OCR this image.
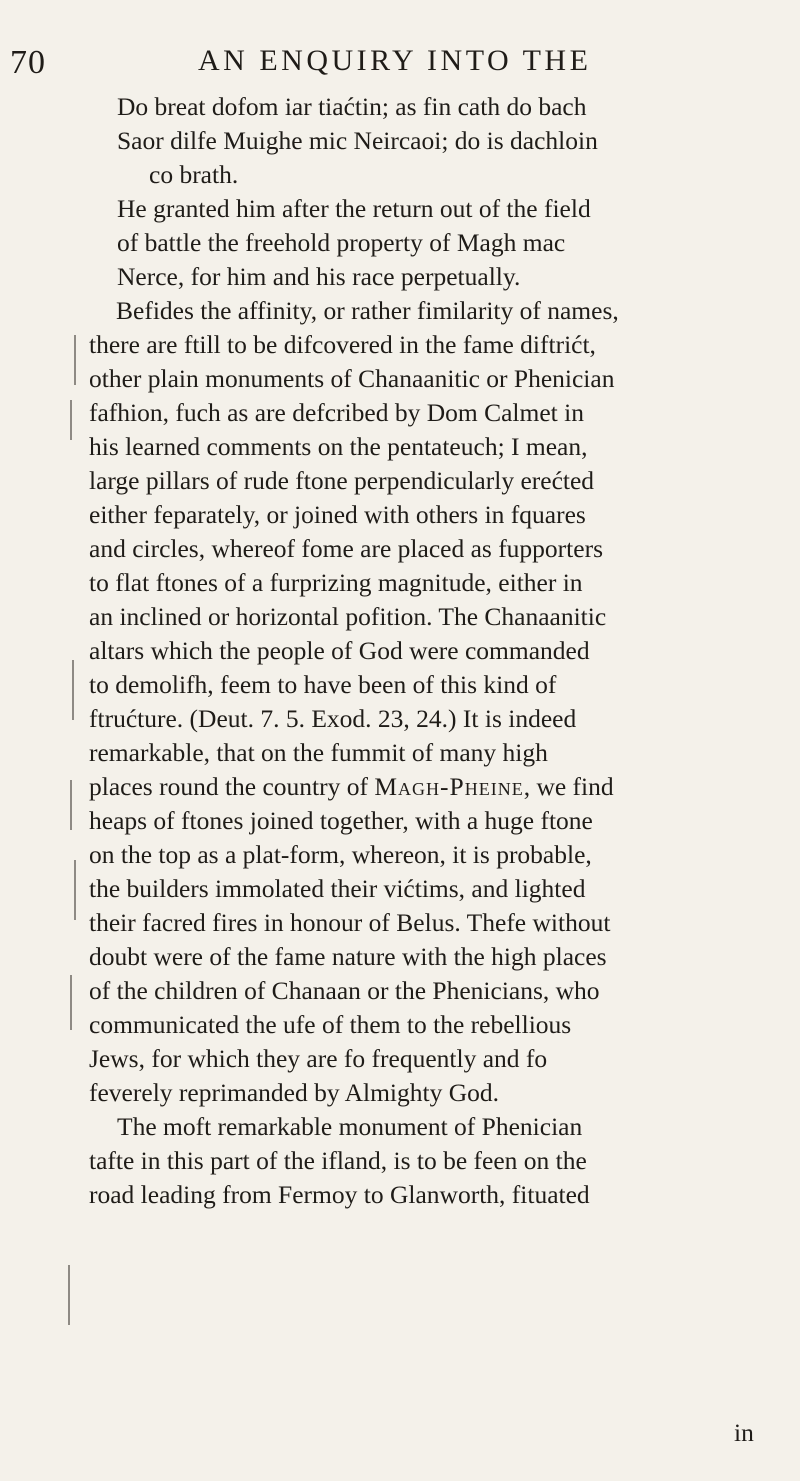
70	AN ENQUIRY INTO THE
Do breat dofom iar tiaćtin; as fin cath do bach
Saor dilfe Muighe mic Neircaoi; do is dachloin
co brath.
He granted him after the return out of the field
of battle the freehold property of Magh mac
Nerce, for him and his race perpetually.
Befides the affinity, or rather fimilarity of names,
there are ftill to be difcovered in the fame diftrićt,
other plain monuments of Chanaanitic or Phenician
fafhion, fuch as are defcribed by Dom Calmet in
his learned comments on the pentateuch; I mean,
large pillars of rude ftone perpendicularly erećted
either feparately, or joined with others in fquares
and circles, whereof fome are placed as fupporters
to flat ftones of a furprizing magnitude, either in
an inclined or horizontal pofition. The Chanaanitic
altars which the people of God were commanded
to demolifh, feem to have been of this kind of
ftrućture. (Deut. 7. 5. Exod. 23, 24.) It is indeed
remarkable, that on the fummit of many high
places round the country of Magh-Pheine, we find
heaps of ftones joined together, with a huge ftone
on the top as a plat-form, whereon, it is probable,
the builders immolated their vićtims, and lighted
their facred fires in honour of Belus. Thefe without
doubt were of the fame nature with the high places
of the children of Chanaan or the Phenicians, who
communicated the ufe of them to the rebellious
Jews, for which they are fo frequently and fo
feverely reprimanded by Almighty God.
The moft remarkable monument of Phenician
tafte in this part of the ifland, is to be feen on the
road leading from Fermoy to Glanworth, fituated
in
